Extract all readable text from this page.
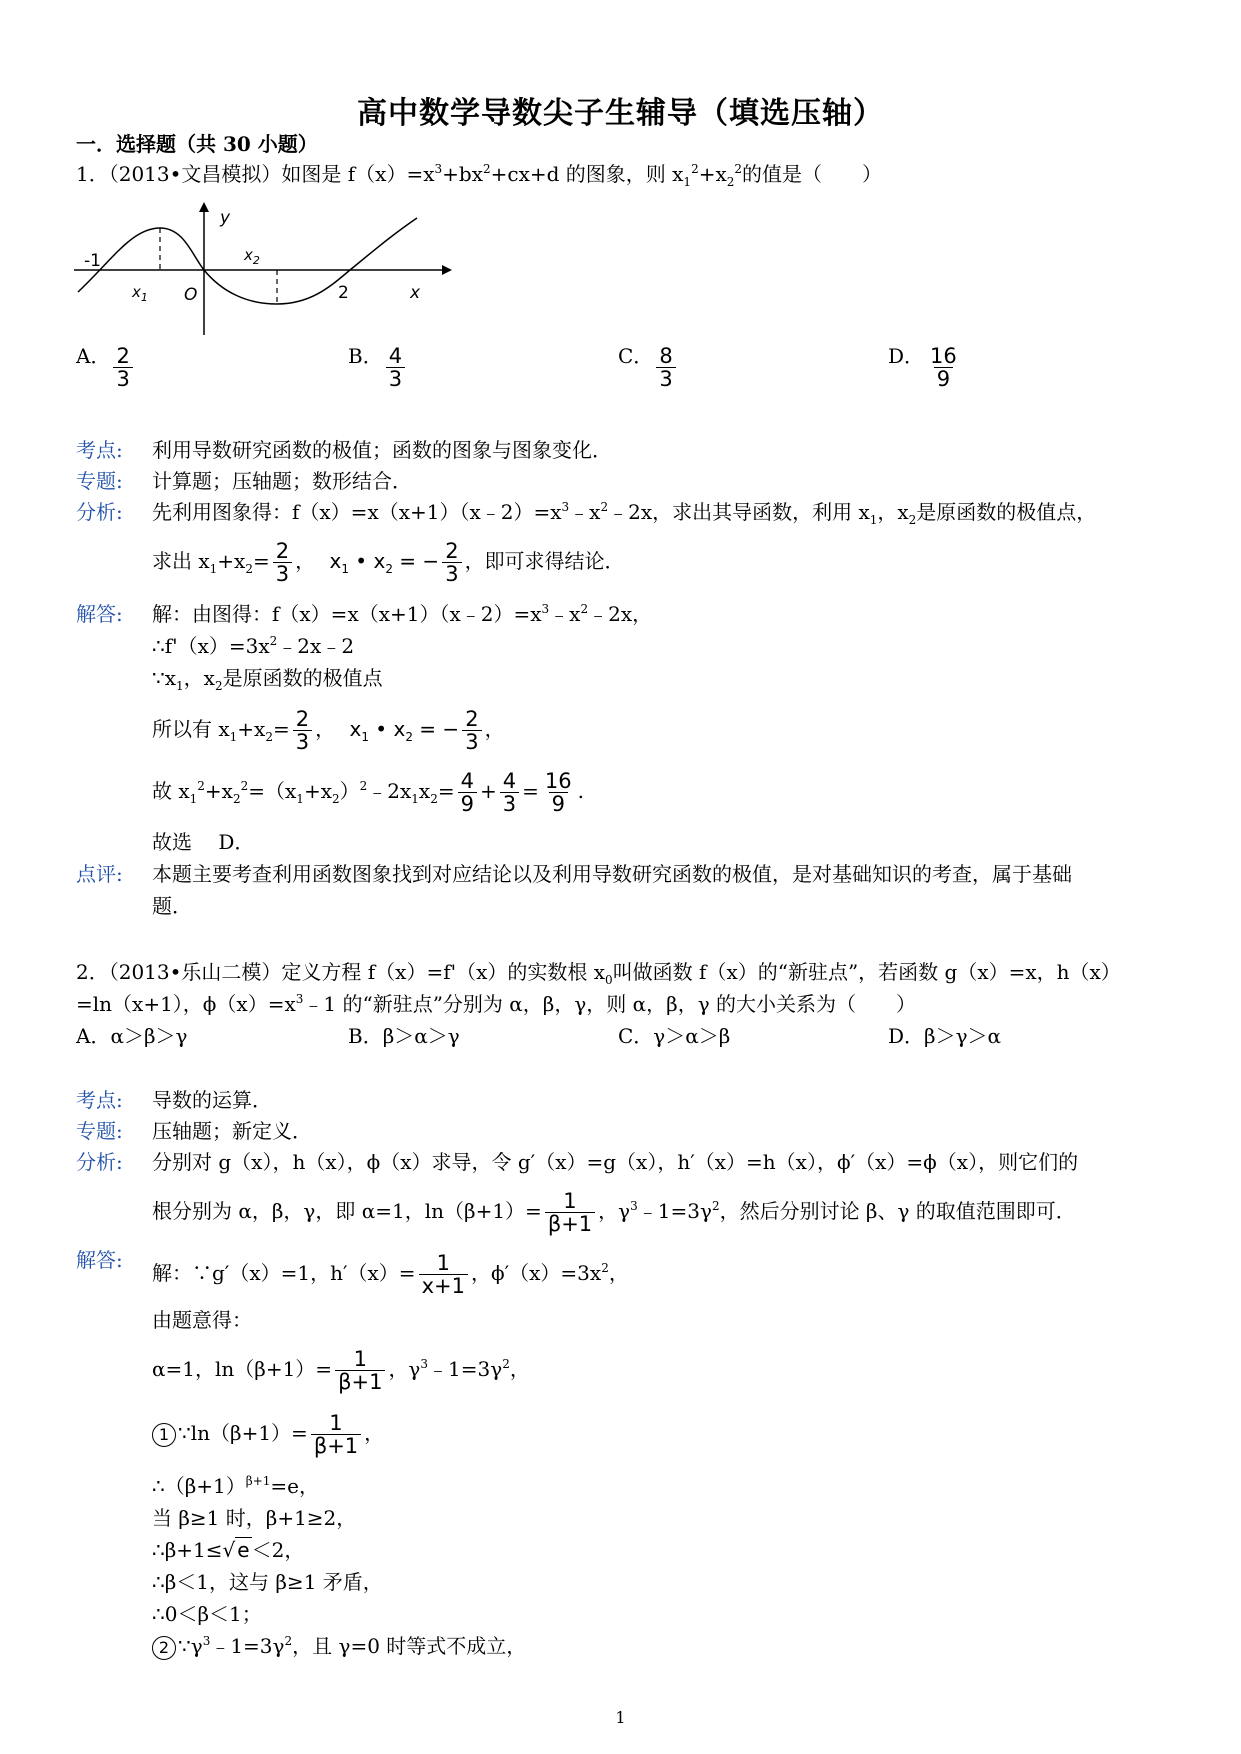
高中数学导数尖子生辅导（填选压轴）
一．选择题（共 30 小题）
1．（2013•文昌模拟）如图是 $f(x)=x^3+bx^2+cx+d$ 的图象，则 $x_1^2+x_2^2$的值是（　　）
y
x
O
-1
2
$x_1$
$x_2$
A． $\frac{2}{3}$	B． $\frac{4}{3}$	C． $\frac{8}{3}$	D． $\frac{16}{9}$
考点:	利用导数研究函数的极值；函数的图象与图象变化．
专题:	计算题；压轴题；数形结合．
分析:	先利用图象得：$f(x)=x(x+1)(x﹣2)=x^3﹣x^2﹣2x$，求出其导函数，利用 $x_1$，$x_2$是原函数的极值点，
求出 $x_1+x_2= \frac{2}{3}$ ， $x_1$ • $x_2$ = − $\frac{2}{3}$ ，即可求得结论．
解答:	解：由图得：$f(x)=x(x+1)(x﹣2)=x^3﹣x^2﹣2x$，
$\therefore f'(x)=3x^2﹣2x﹣2$
$\because x_1$，$x_2$是原函数的极值点
所以有 $x_1+x_2= \frac{2}{3}$ ， $x_1$ • $x_2$ = − $\frac{2}{3}$ ，
故 $x_1^2+x_2^2=(x_1+x_2)^2﹣2x_1x_2= \frac{4}{9} + \frac{4}{3} = \frac{16}{9}$ .
故选　 D．
点评:	本题主要考查利用函数图象找到对应结论以及利用导数研究函数的极值，是对基础知识的考查，属于基础
题．
2．（2013•乐山二模）定义方程 f（x）=f'（x）的实数根 $x_0$叫做函数 f（x）的“新驻点”，若函数 g（x）=x，h（x）
=ln（x+1），$\phi(x)=x^3﹣1$ 的“新驻点”分别为 α，β，γ，则 α，β，γ 的大小关系为（　　）
A．α＞β＞γ	B．β＞α＞γ	C．γ＞α＞β	D．β＞γ＞α
考点:	导数的运算．
专题:	压轴题；新定义．
分析:	分别对 g（x），h（x），ϕ（x）求导，令 g′（x）=g（x），h′（x）=h（x），ϕ′（x）=ϕ（x），则它们的
根分别为 α，β，γ，即 α=1，$\ln(\beta+1)= \frac{1}{\beta+1}$ ，$\gamma^3﹣1=3\gamma^2$，然后分别讨论 β、γ 的取值范围即可．
解答:
解：∵g′（x）=1，$h'(x)= \frac{1}{x+1}$ ，$\phi'(x)=3x^2$，
由题意得：
α=1，$\ln(\beta+1)= \frac{1}{\beta+1}$ ，$\gamma^3﹣1=3\gamma^2$，
1 ∵ln（β+1）= $\frac{1}{\beta+1}$ ，
$\therefore(\beta+1)^{\beta+1}=e$，
当 β≥1 时，β+1≥2，
∴β+1≤√ e ＜2，
∴β＜1，这与 β≥1 矛盾，
∴0＜β＜1；
2 $\because\gamma^3﹣1=3\gamma^2$，且 γ=0 时等式不成立，
1
